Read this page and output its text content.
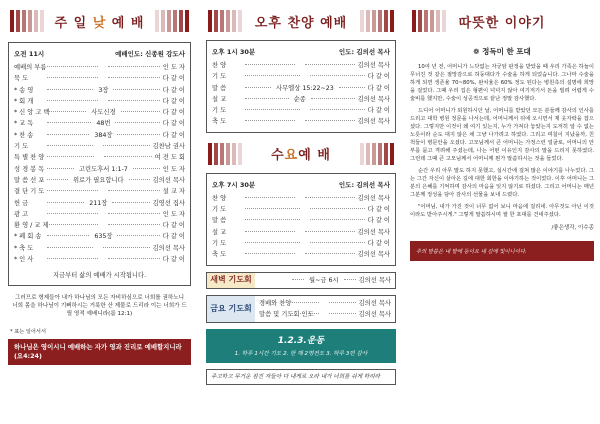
주 일 낮 예 배
오전 11시	예배인도: 신종원 강도사
예배의 부름	인 도 자
묵 도	다 같 이
* 송 영	3장	다 같 이
* 회 개	다 같 이
* 신 앙 고 백	사도신경	다 같 이
* 교 독	48번	다 같 이
* 찬 송	384장	다 같 이
기 도	김찬남 권사
특 별 찬 양	여 전 도 회
성 경 봉 독	고린도후서 1:1-7	인 도 자
말 씀 선 포	위로가 필요합니다	김의선 목사
결 단 기 도	설 교 자
헌 금	211장	김영선 집사
광 고	인 도 자
환 영 / 교 제	다 같 이
* 폐 회 송	635장	다 같 이
* 축 도	김의선 목사
* 인 사	다 같 이
지금부터 삶의 예배가 시작됩니다.
그러므로 형제들아 내가 하나님의 모든 자비하심으로 너희를 권하노니 너희 몸을 하나님이 기뻐하시는 거룩한 산 제물로 드리라 이는 너희가 드릴 영적 예배니라(롬 12:1)
* 표는 일어서서
하나님은 영이시니 예배하는 자가 영과 진리로 예배할지니라 (요4:24)
오후 찬양 예배
오후 1시 30분	인도: 김의선 목사
찬 양	김의선 목사
기 도	다 같 이
말 씀	사무엘상 15:22~23	다 같 이
설 교	순종	김의선 목사
기 도	다 같 이
축 도	김의선 목사
수요예 배
오후 7시 30분	인도: 김의선 목사
찬 양	김의선 목사
기 도	다 같 이
말 씀	다 같 이
설 교	김의선 목사
기 도	다 같 이
축 도	김의선 목사
새벽 기도회	월~금 6시	김의선 목사
금요 기도회
경배와 찬양	김의선 목사
말씀 및 기도회 인도	김의선 목사
1.2.3.운동
1. 하루 1시간 기도 2. 한 해 2명전도 3. 하루 3번 감사
주고하고 무거운 짐진 자들아 다 내게로 오라 내가 너희를 쉬게 하리라
따뜻한 이야기
❁ 정독미 한 포대

10여 년 전, 어머니가 느닷없는 자궁암 판정을 받았을 때 우리 가족은 하늘이 무너진 것 같은 절망감으로 허둥대다가 수술을 하게 되었습니다. 그나마 수술을 하게 되면 생존율 70~80%, 완치율은 60% 정도 된다는 병원측의 설명에 희망을 걸었다. 그때 우리 집은 형편이 넉넉지 않아 여기저기서 돈을 빌려 어렵게 수술비를 했지만, 수술이 성공적으로 끝난 정말 감사했다.

드디어 어머니가 퇴원하시던 날, 어머니를 받았던 모든 분들께 감사의 인사를 드리고 대학 병원 정문을 나서는데, 어머니께서 뒤에 오시면서 제 옷자락을 잡으셨다. 그렇지만 이것이 왜 여기 있는지, 누가 가져다 놓았는지 도저히 알 수 없는 노릇이라 순도 대지 않은 채 그냥 나가려고 하였다. 그리고 며칠이 지났을까, 친척들이 병문안을 오셨다. 고모님께서 큰 어머니는 가정스런 얼굴로, 어머니의 안부를 묻고 격려해 주셨는데, 나는 어떤 이유인지 감사의 말을 드리지 못하였다. 그런데 그때 큰 고모님께서 어머니께 뭔가 말씀하시는 것을 들었다.

순간 우리 아무 말도 하지 못했고, 실시간에 걸쳐 많은 이야기를 나누었다. 그는 그간 자신이 살아온 길에 대한 회한을 이야기하는 것이었다. 이후 어머니는 그분의 은혜를 기억하며 감사의 마음을 잊지 않기로 하셨다. 그리고 어머니는 매년 그분께 정성을 담아 감사의 선물을 보내 드렸다.

"어머님, 내가 가진 것이 너무 없어 보니 마음에 걸리네. 아무것도 아닌 이것이라도 받아주시게." 그렇게 말씀하시며 쌀 한 포대를 건네주셨다.

/좋은생각, 이수종
주의 말씀은 내 발에 등이요 내 길에 빛이니이다.
